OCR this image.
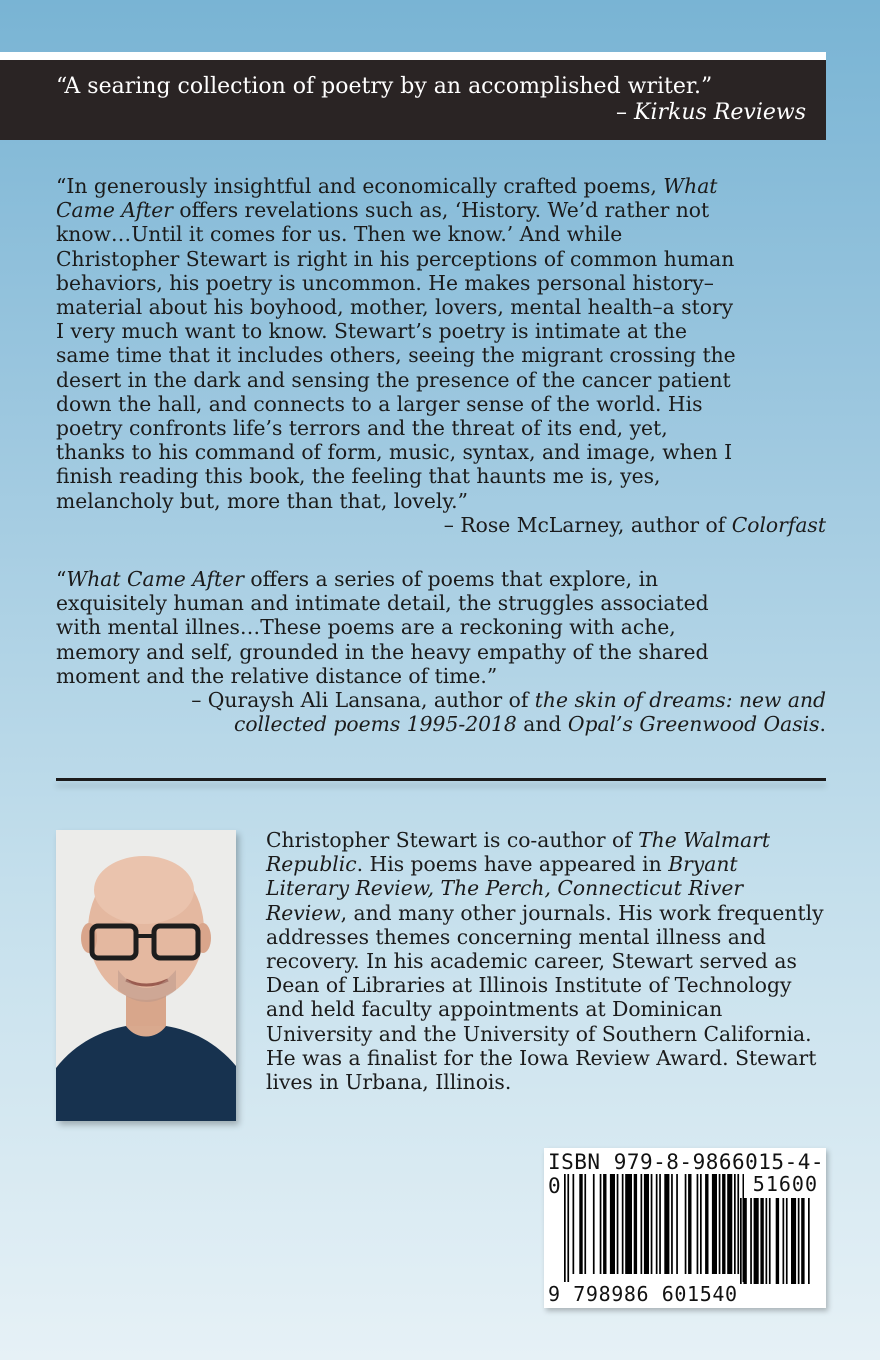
“A searing collection of poetry by an accomplished writer.”
– Kirkus Reviews

“In generously insightful and economically crafted poems, What

Came After offers revelations such as, ‘History. We’d rather not

know…Until it comes for us. Then we know.’ And while

Christopher Stewart is right in his perceptions of common human

behaviors, his poetry is uncommon. He makes personal history–

material about his boyhood, mother, lovers, mental health–a story

I very much want to know. Stewart’s poetry is intimate at the

same time that it includes others, seeing the migrant crossing the

desert in the dark and sensing the presence of the cancer patient

down the hall, and connects to a larger sense of the world. His

poetry confronts life’s terrors and the threat of its end, yet,

thanks to his command of form, music, syntax, and image, when I

finish reading this book, the feeling that haunts me is, yes,

melancholy but, more than that, lovely.”

– Rose McLarney, author of Colorfast

“What Came After offers a series of poems that explore, in

exquisitely human and intimate detail, the struggles associated

with mental illnes…These poems are a reckoning with ache,

memory and self, grounded in the heavy empathy of the shared

moment and the relative distance of time.”

– Quraysh Ali Lansana, author of the skin of dreams: new and

collected poems 1995-2018 and Opal’s Greenwood Oasis.

Christopher Stewart is co-author of The Walmart Republic. His poems have appeared in Bryant Literary Review, The Perch, Connecticut River Review, and many other journals. His work frequently addresses themes concerning mental illness and recovery. In his academic career, Stewart served as Dean of Libraries at Illinois Institute of Technology and held faculty appointments at Dominican University and the University of Southern California. He was a finalist for the Iowa Review Award. Stewart lives in Urbana, Illinois.
ISBN 979-8-9866015-4-0	51600
9 798986 601540
